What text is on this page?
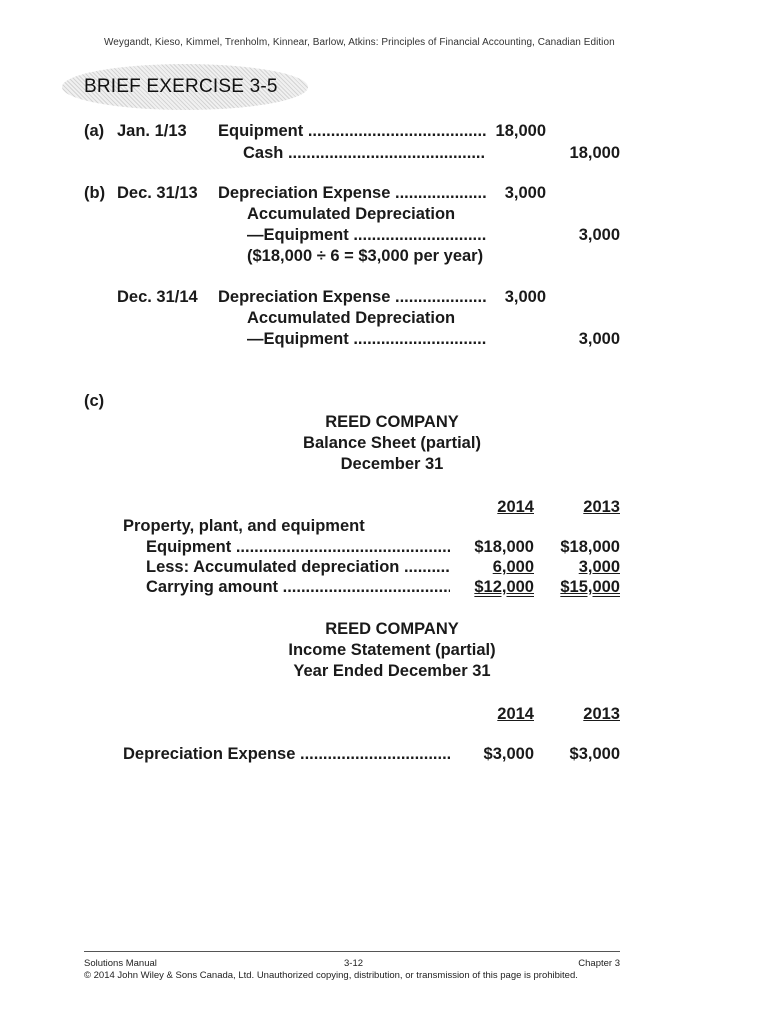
Weygandt, Kieso, Kimmel, Trenholm, Kinnear, Barlow, Atkins: Principles of Financial Accounting, Canadian Edition
BRIEF EXERCISE 3-5
(a) Jan. 1/13 Equipment .....	18,000
Cash .....	18,000
(b) Dec. 31/13 Depreciation Expense .....	3,000
Accumulated Depreciation
—Equipment .....	3,000
($18,000 ÷ 6 = $3,000 per year)
Dec. 31/14 Depreciation Expense .....	3,000
Accumulated Depreciation
—Equipment .....	3,000
(c)
REED COMPANY
Balance Sheet (partial)
December 31
2014	2013
Property, plant, and equipment
Equipment .....	$18,000	$18,000
Less: Accumulated depreciation .....	6,000	3,000
Carrying amount .....	$12,000	$15,000
REED COMPANY
Income Statement (partial)
Year Ended December 31
2014	2013
Depreciation Expense .....	$3,000	$3,000
Solutions Manual	3-12	Chapter 3
© 2014 John Wiley & Sons Canada, Ltd. Unauthorized copying, distribution, or transmission of this page is prohibited.
